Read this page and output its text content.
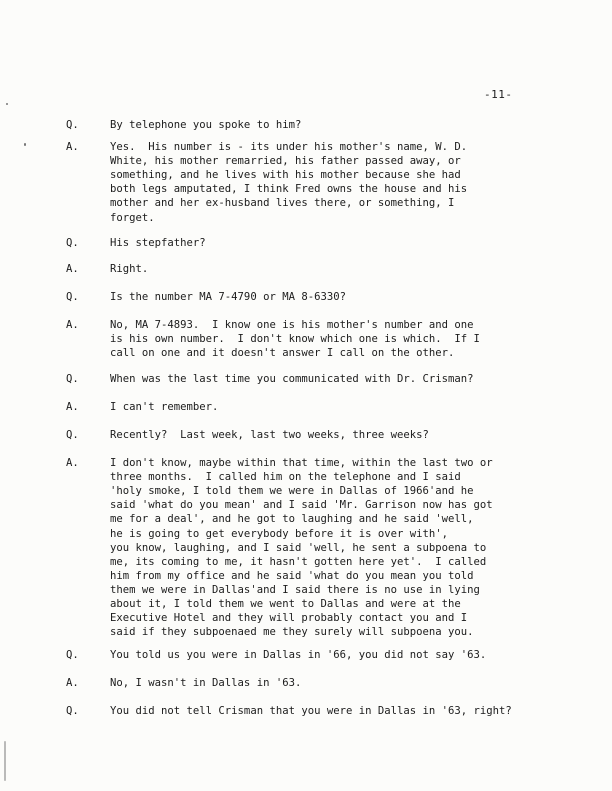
-11-
Q.	By telephone you spoke to him?
A.	Yes.  His number is - its under his mother's name, W. D.
White, his mother remarried, his father passed away, or
something, and he lives with his mother because she had
both legs amputated, I think Fred owns the house and his
mother and her ex-husband lives there, or something, I
forget.
Q.	His stepfather?
A.	Right.
Q.	Is the number MA 7-4790 or MA 8-6330?
A.	No, MA 7-4893.  I know one is his mother's number and one
is his own number.  I don't know which one is which.  If I
call on one and it doesn't answer I call on the other.
Q.	When was the last time you communicated with Dr. Crisman?
A.	I can't remember.
Q.	Recently?  Last week, last two weeks, three weeks?
A.	I don't know, maybe within that time, within the last two or
three months.  I called him on the telephone and I said
'holy smoke, I told them we were in Dallas of 1966'and he
said 'what do you mean' and I said 'Mr. Garrison now has got
me for a deal', and he got to laughing and he said 'well,
he is going to get everybody before it is over with',
you know, laughing, and I said 'well, he sent a subpoena to
me, its coming to me, it hasn't gotten here yet'.  I called
him from my office and he said 'what do you mean you told
them we were in Dallas'and I said there is no use in lying
about it, I told them we went to Dallas and were at the
Executive Hotel and they will probably contact you and I
said if they subpoenaed me they surely will subpoena you.
Q.	You told us you were in Dallas in '66, you did not say '63.
A.	No, I wasn't in Dallas in '63.
Q.	You did not tell Crisman that you were in Dallas in '63, right?
